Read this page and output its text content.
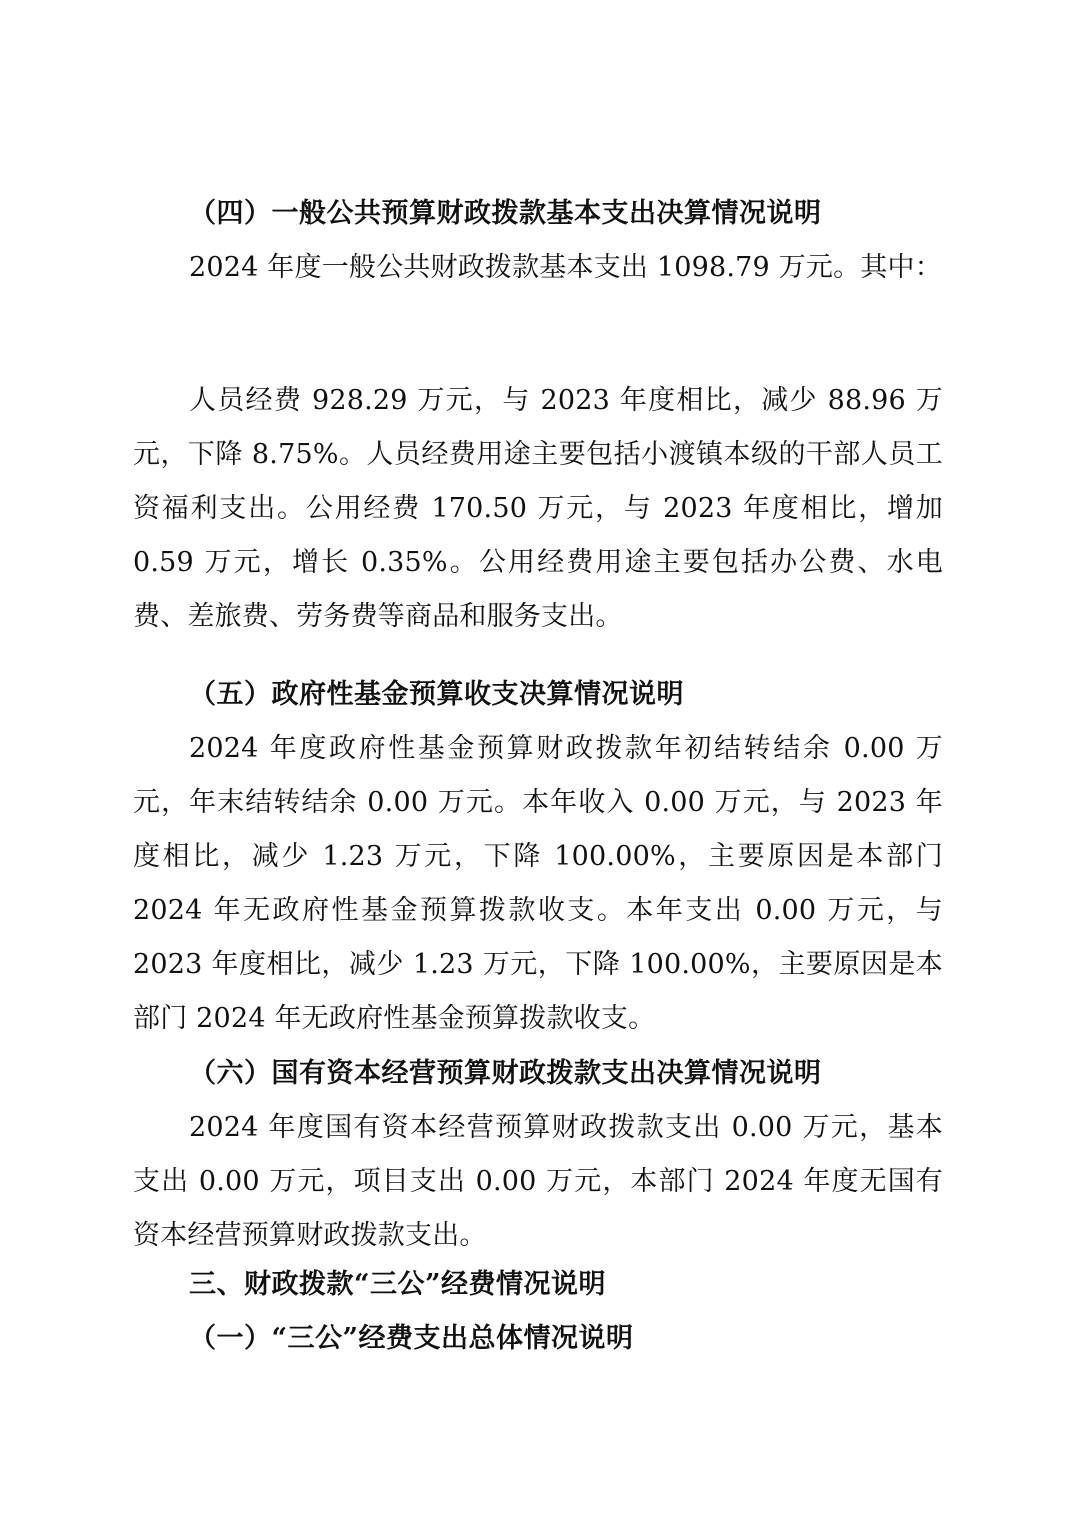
（四）一般公共预算财政拨款基本支出决算情况说明
2024 年度一般公共财政拨款基本支出 1098.79 万元。其中：
人员经费 928.29 万元，与 2023 年度相比，减少 88.96 万元，下降 8.75%。人员经费用途主要包括小渡镇本级的干部人员工资福利支出。公用经费 170.50 万元，与 2023 年度相比，增加 0.59 万元，增长 0.35%。公用经费用途主要包括办公费、水电费、差旅费、劳务费等商品和服务支出。
（五）政府性基金预算收支决算情况说明
2024 年度政府性基金预算财政拨款年初结转结余 0.00 万元，年末结转结余 0.00 万元。本年收入 0.00 万元，与 2023 年度相比，减少 1.23 万元，下降 100.00%，主要原因是本部门 2024 年无政府性基金预算拨款收支。本年支出 0.00 万元，与 2023 年度相比，减少 1.23 万元，下降 100.00%，主要原因是本部门 2024 年无政府性基金预算拨款收支。
（六）国有资本经营预算财政拨款支出决算情况说明
2024 年度国有资本经营预算财政拨款支出 0.00 万元，基本支出 0.00 万元，项目支出 0.00 万元，本部门 2024 年度无国有资本经营预算财政拨款支出。
三、财政拨款“三公”经费情况说明
（一）“三公”经费支出总体情况说明
